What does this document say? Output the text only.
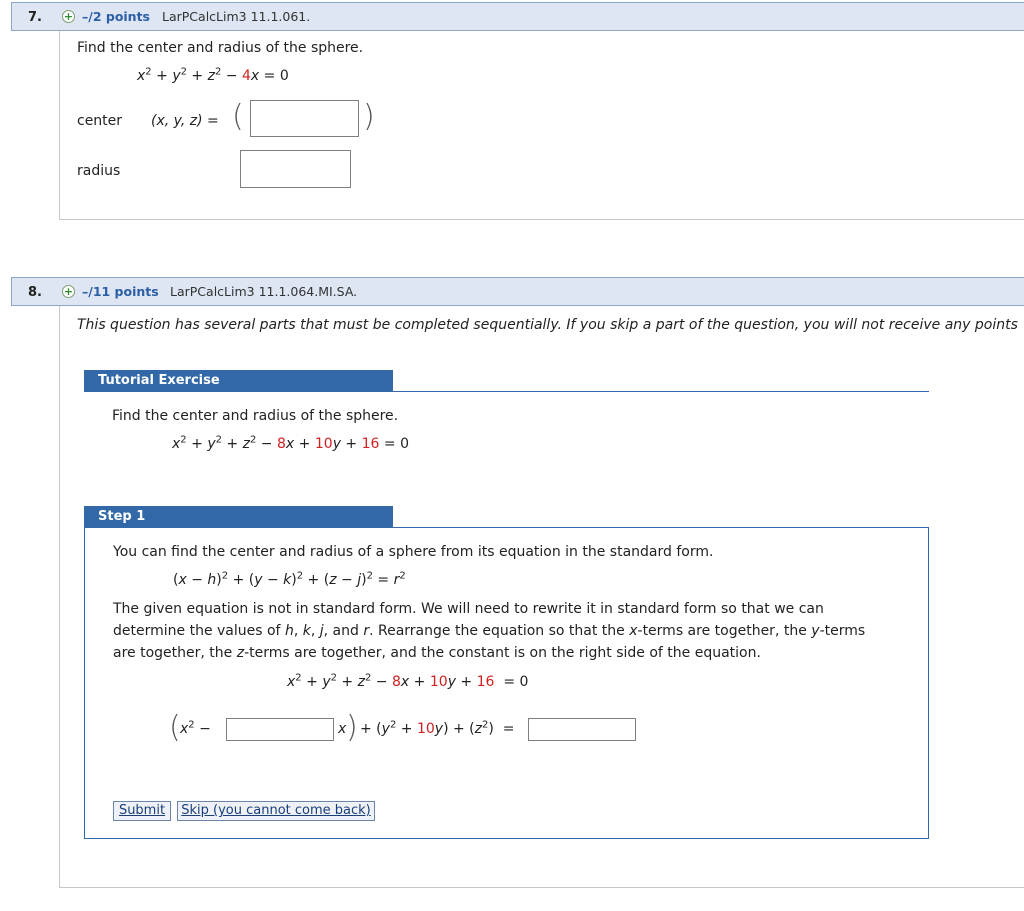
7. + –/2 points LarPCalcLim3 11.1.061.
Find the center and radius of the sphere.
$x^2 + y^2 + z^2 - 4x = 0$
center (x, y, z) = (	)
radius
8. + –/11 points LarPCalcLim3 11.1.064.MI.SA.
This question has several parts that must be completed sequentially. If you skip a part of the question, you will not receive any points
Tutorial Exercise
Find the center and radius of the sphere.
$x^2 + y^2 + z^2 - 8x + 10y + 16 = 0$
Step 1
You can find the center and radius of a sphere from its equation in the standard form.
$(x - h)^2 + (y - k)^2 + (z - j)^2 = r^2$
The given equation is not in standard form. We will need to rewrite it in standard form so that we can
determine the values of h, k, j, and r. Rearrange the equation so that the x-terms are together, the y-terms
are together, the z-terms are together, and the constant is on the right side of the equation.
$x^2 + y^2 + z^2 - 8x + 10y + 16 = 0$
( $x^2$ −	x ) + $(y^2 + 10y) + (z^2)$  =
Submit	Skip (you cannot come back)
